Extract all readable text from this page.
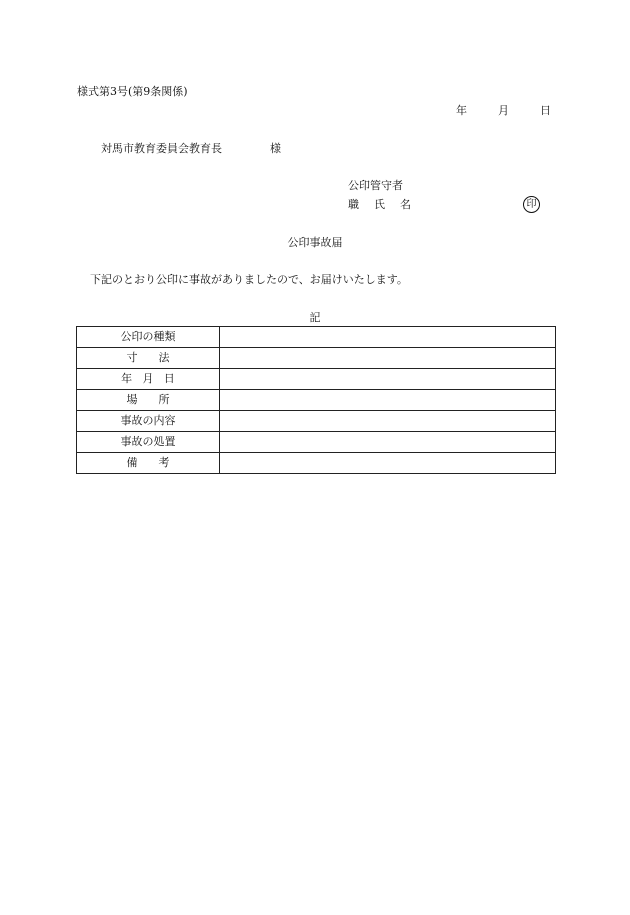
様式第3号(第9条関係)
年	月	日
対馬市教育委員会教育長	様
公印管守者
職 氏 名	印
公印事故届
下記のとおり公印に事故がありましたので、お届けいたします。
記
公印の種類	

寸 法	

年 月 日	

場 所	

事故の内容	

事故の処置	

備 考	
